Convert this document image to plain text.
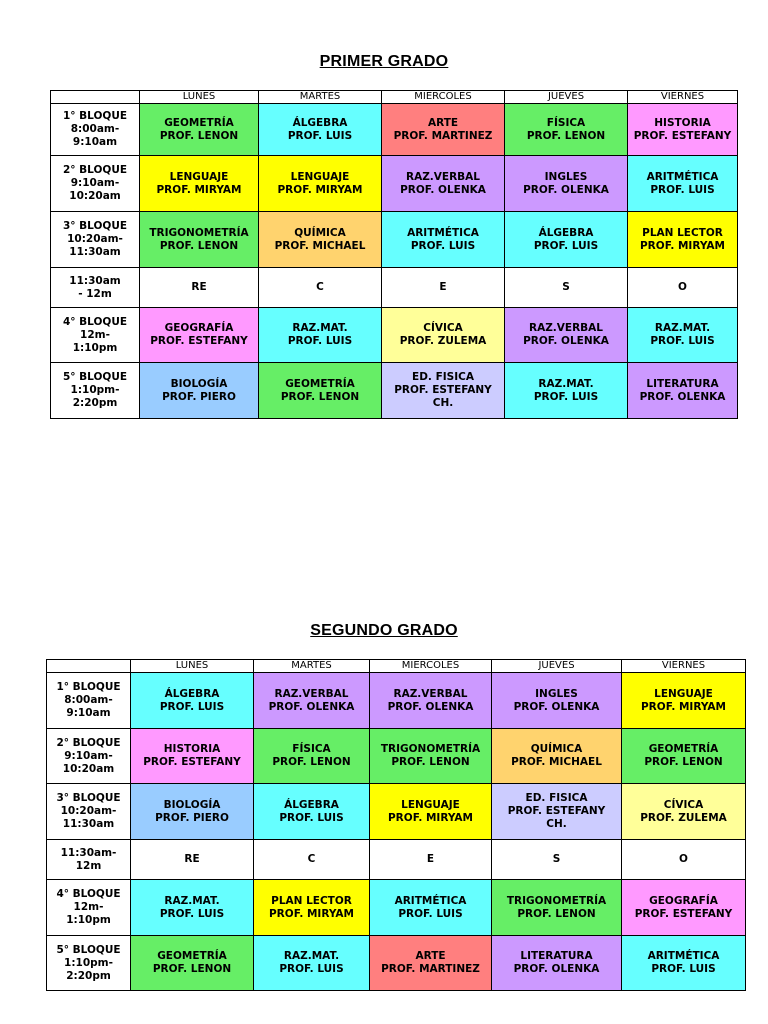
PRIMER GRADO
	LUNES	MARTES	MIERCOLES	JUEVES	VIERNES

1° BLOQUE
8:00am-
9:10am	GEOMETRÍA
PROF. LENON	ÁLGEBRA
PROF. LUIS	ARTE
PROF. MARTINEZ	FÍSICA
PROF. LENON	HISTORIA
PROF. ESTEFANY

2° BLOQUE
9:10am-
10:20am	LENGUAJE
PROF. MIRYAM	LENGUAJE
PROF. MIRYAM	RAZ.VERBAL
PROF. OLENKA	INGLES
PROF. OLENKA	ARITMÉTICA
PROF. LUIS

3° BLOQUE
10:20am-
11:30am	TRIGONOMETRÍA
PROF. LENON	QUÍMICA
PROF. MICHAEL	ARITMÉTICA
PROF. LUIS	ÁLGEBRA
PROF. LUIS	PLAN LECTOR
PROF. MIRYAM

11:30am
- 12m	RE	C	E	S	O

4° BLOQUE
12m-
1:10pm	GEOGRAFÍA
PROF. ESTEFANY	RAZ.MAT.
PROF. LUIS	CÍVICA
PROF. ZULEMA	RAZ.VERBAL
PROF. OLENKA	RAZ.MAT.
PROF. LUIS

5° BLOQUE
1:10pm-
2:20pm	BIOLOGÍA
PROF. PIERO	GEOMETRÍA
PROF. LENON	ED. FISICA
PROF. ESTEFANY
CH.	RAZ.MAT.
PROF. LUIS	LITERATURA
PROF. OLENKA
SEGUNDO GRADO
	LUNES	MARTES	MIERCOLES	JUEVES	VIERNES

1° BLOQUE
8:00am-
9:10am	ÁLGEBRA
PROF. LUIS	RAZ.VERBAL
PROF. OLENKA	RAZ.VERBAL
PROF. OLENKA	INGLES
PROF. OLENKA	LENGUAJE
PROF. MIRYAM

2° BLOQUE
9:10am-
10:20am	HISTORIA
PROF. ESTEFANY	FÍSICA
PROF. LENON	TRIGONOMETRÍA
PROF. LENON	QUÍMICA
PROF. MICHAEL	GEOMETRÍA
PROF. LENON

3° BLOQUE
10:20am-
11:30am	BIOLOGÍA
PROF. PIERO	ÁLGEBRA
PROF. LUIS	LENGUAJE
PROF. MIRYAM	ED. FISICA
PROF. ESTEFANY
CH.	CÍVICA
PROF. ZULEMA

11:30am-
12m	RE	C	E	S	O

4° BLOQUE
12m-
1:10pm	RAZ.MAT.
PROF. LUIS	PLAN LECTOR
PROF. MIRYAM	ARITMÉTICA
PROF. LUIS	TRIGONOMETRÍA
PROF. LENON	GEOGRAFÍA
PROF. ESTEFANY

5° BLOQUE
1:10pm-
2:20pm	GEOMETRÍA
PROF. LENON	RAZ.MAT.
PROF. LUIS	ARTE
PROF. MARTINEZ	LITERATURA
PROF. OLENKA	ARITMÉTICA
PROF. LUIS
